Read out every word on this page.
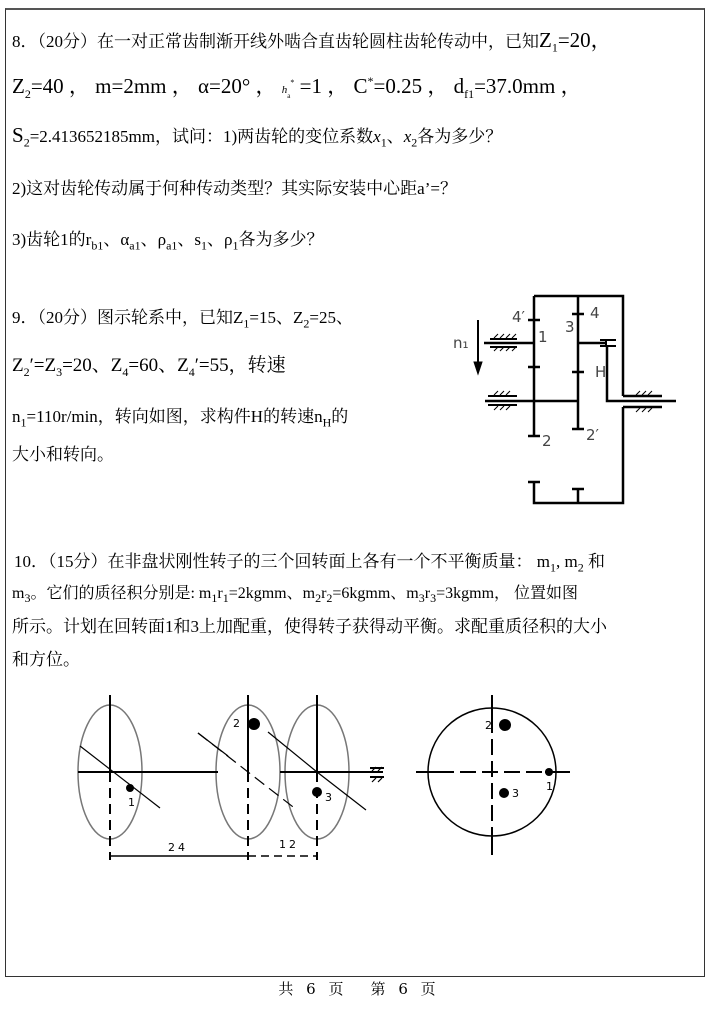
8．（20分）在一对正常齿制渐开线外啮合直齿轮圆柱齿轮传动中，已知$Z_1=20$，
$Z_2=40$ ， m=2mm ， α=20° ， $h_a^* =1$ ， C*=0.25 ， $d_{f1}=37.0mm$ ，
$S_2=2.413652185mm$，试问：1)两齿轮的变位系数$x_1$、$x_2$各为多少？
2)这对齿轮传动属于何种传动类型？其实际安装中心距a’=？
3)齿轮1的$r_{b1}$、$\alpha_{a1}$、$\rho_{a1}$、$s_1$、$\rho_1$各为多少？
9．（20分）图示轮系中，已知$Z_1=15$、$Z_2=25$、
$Z_2'=Z_3=20$、$Z_4=60$、$Z_4'=55$，转速
$n_1=110r/\min$，转向如图，求构件H的转速$n_H$的
大小和转向。
n₁	1
2 2′
3
4
4′
H
10．（15分）在非盘状刚性转子的三个回转面上各有一个不平衡质量： $m_1$, $m_2$ 和
$m_3$。它们的质径积分别是: $m_1r_1=2kgmm$、$m_2r_2=6kgmm$、$m_3r_3=3kgmm$， 位置如图
所示。计划在回转面1和3上加配重，使得转子获得动平衡。求配重质径积的大小
和方位。
1
2
3
24	12
1
2
3
共 6 页 第 6 页
